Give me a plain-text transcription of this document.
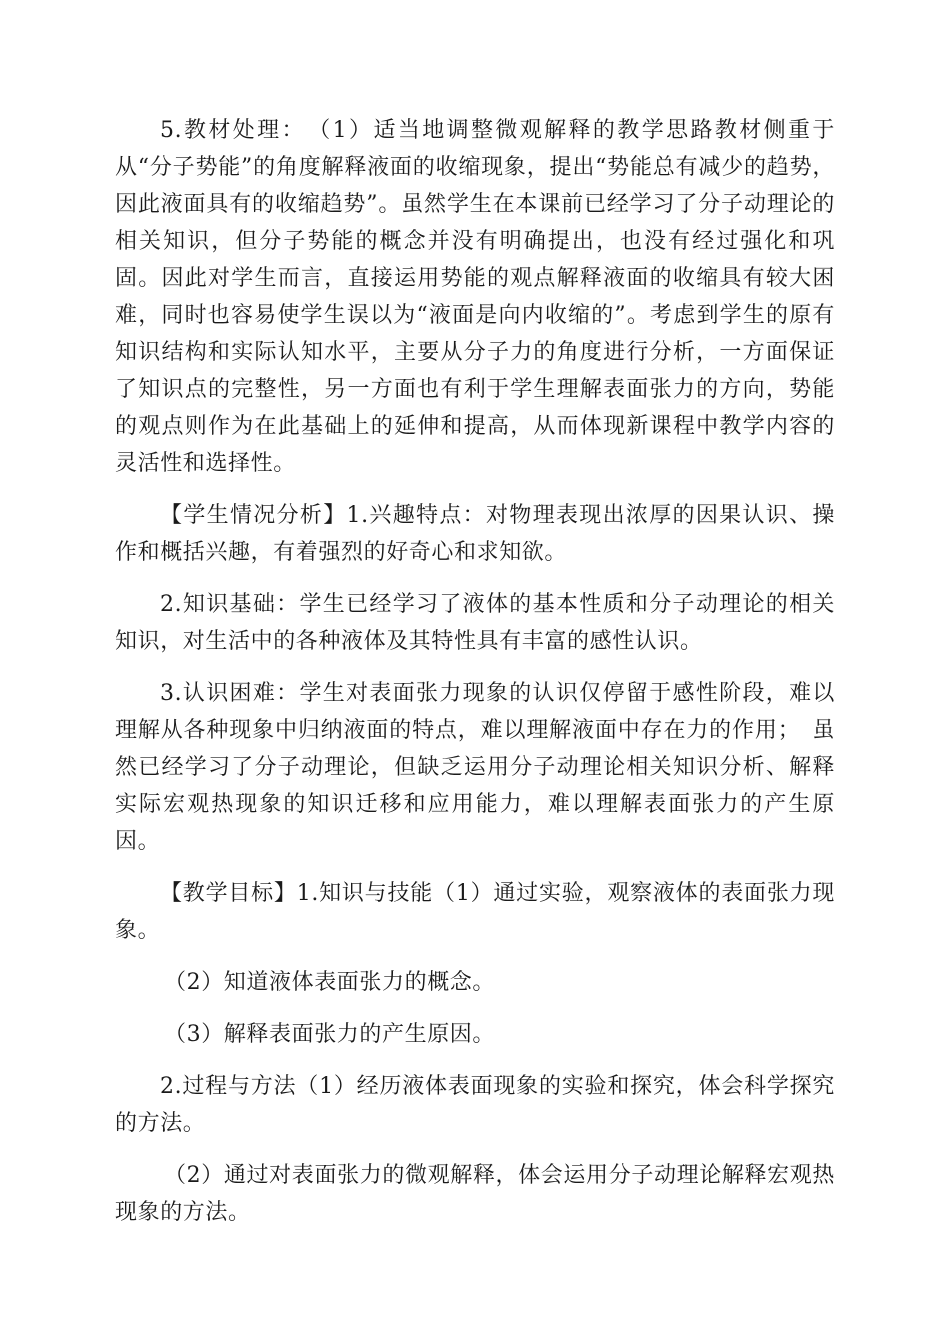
5.教材处理：　（1）适当地调整微观解释的教学思路教材侧重于从“分子势能”的角度解释液面的收缩现象，提出“势能总有减少的趋势，因此液面具有的收缩趋势”。虽然学生在本课前已经学习了分子动理论的相关知识，但分子势能的概念并没有明确提出，也没有经过强化和巩固。因此对学生而言，直接运用势能的观点解释液面的收缩具有较大困难，同时也容易使学生误以为“液面是向内收缩的”。考虑到学生的原有知识结构和实际认知水平，主要从分子力的角度进行分析，一方面保证了知识点的完整性，另一方面也有利于学生理解表面张力的方向，势能的观点则作为在此基础上的延伸和提高，从而体现新课程中教学内容的灵活性和选择性。

【学生情况分析】1.兴趣特点：对物理表现出浓厚的因果认识、操作和概括兴趣，有着强烈的好奇心和求知欲。

2.知识基础：学生已经学习了液体的基本性质和分子动理论的相关知识，对生活中的各种液体及其特性具有丰富的感性认识。

3.认识困难：学生对表面张力现象的认识仅停留于感性阶段，难以理解从各种现象中归纳液面的特点，难以理解液面中存在力的作用；　虽然已经学习了分子动理论，但缺乏运用分子动理论相关知识分析、解释实际宏观热现象的知识迁移和应用能力，难以理解表面张力的产生原因。

【教学目标】1.知识与技能（1）通过实验，观察液体的表面张力现象。

（2）知道液体表面张力的概念。

（3）解释表面张力的产生原因。

2.过程与方法（1）经历液体表面现象的实验和探究，体会科学探究的方法。

（2）通过对表面张力的微观解释，体会运用分子动理论解释宏观热现象的方法。
